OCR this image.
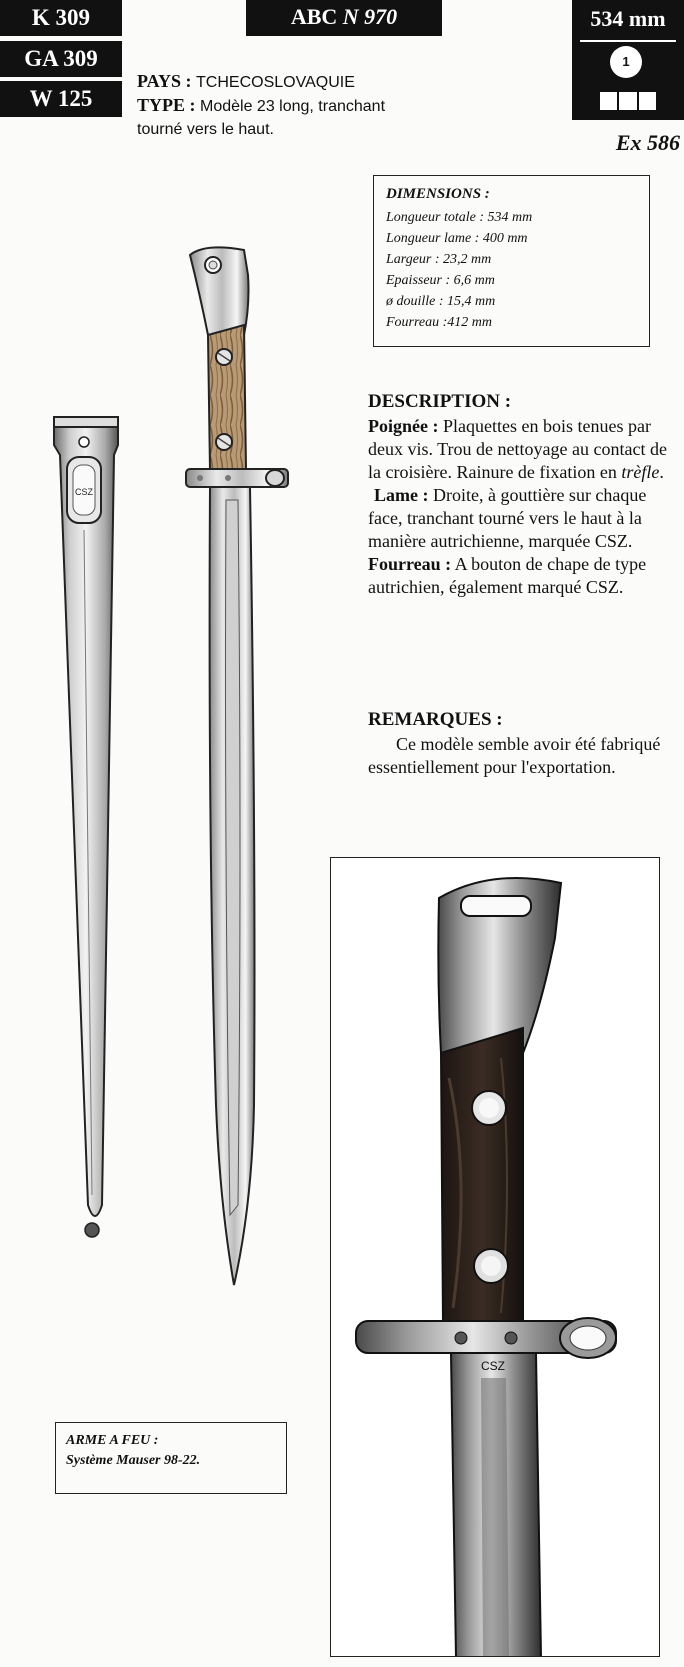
K 309
GA 309
W 125
ABC N 970	534 mm
1
Ex 586

PAYS : TCHECOSLOVAQUIE
TYPE : Modèle 23 long, tranchant
tourné vers le haut.
DIMENSIONS :
Longueur totale : 534 mm
Longueur lame : 400 mm
Largeur : 23,2 mm
Epaisseur : 6,6 mm
ø douille : 15,4 mm
Fourreau :412 mm
DESCRIPTION :

Poignée : Plaquettes en bois tenues par deux vis. Trou de nettoyage au contact de la croisière. Rainure de fixation en trèfle.

Lame : Droite, à gouttière sur chaque face, tranchant tourné vers le haut à la manière autrichienne, marquée CSZ.

Fourreau : A bouton de chape de type autrichien, également marqué CSZ.

REMARQUES :

Ce modèle semble avoir été fabriqué essentiellement pour l'exportation.

CSZ
ARME A FEU :
Système Mauser 98-22.
CSZ
